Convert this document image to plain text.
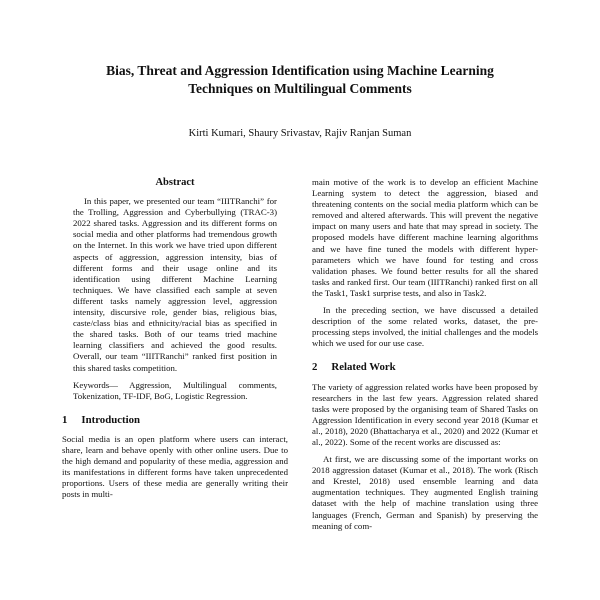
Bias, Threat and Aggression Identification using Machine Learning Techniques on Multilingual Comments
Kirti Kumari, Shaury Srivastav, Rajiv Ranjan Suman
Abstract

In this paper, we presented our team “IIITRanchi” for the Trolling, Aggression and Cyberbullying (TRAC-3) 2022 shared tasks. Aggression and its different forms on social media and other platforms had tremendous growth on the Internet. In this work we have tried upon different aspects of aggression, aggression intensity, bias of different forms and their usage online and its identification using different Machine Learning techniques. We have classified each sample at seven different tasks namely aggression level, aggression intensity, discursive role, gender bias, religious bias, caste/class bias and ethnicity/racial bias as specified in the shared tasks. Both of our teams tried machine learning classifiers and achieved the good results. Overall, our team “IIITRanchi” ranked first position in this shared tasks competition.

Keywords— Aggression, Multilingual comments, Tokenization, TF-IDF, BoG, Logistic Regression.

1 Introduction

Social media is an open platform where users can interact, share, learn and behave openly with other online users. Due to the high demand and popularity of these media, aggression and its manifestations in different forms have taken unprecedented proportions. Users of these media are generally writing their posts in multi-

main motive of the work is to develop an efficient Machine Learning system to detect the aggression, biased and threatening contents on the social media platform which can be removed and altered afterwards. This will prevent the negative impact on many users and hate that may spread in society. The proposed models have different machine learning algorithms and we have fine tuned the models with different hyper-parameters which we have found for testing and cross validation phases. We found better results for all the shared tasks and ranked first. Our team (IIITRanchi) ranked first on all the Task1, Task1 surprise tests, and also in Task2.

In the preceding section, we have discussed a detailed description of the some related works, dataset, the pre-processing steps involved, the initial challenges and the models which we used for our use case.

2 Related Work

The variety of aggression related works have been proposed by researchers in the last few years. Aggression related shared tasks were proposed by the organising team of Shared Tasks on Aggression Identification in every second year 2018 (Kumar et al., 2018), 2020 (Bhattacharya et al., 2020) and 2022 (Kumar et al., 2022). Some of the recent works are discussed as:

At first, we are discussing some of the important works on 2018 aggression dataset (Kumar et al., 2018). The work (Risch and Krestel, 2018) used ensemble learning and data augmentation techniques. They augmented English training dataset with the help of machine translation using three languages (French, German and Spanish) by preserving the meaning of com-
